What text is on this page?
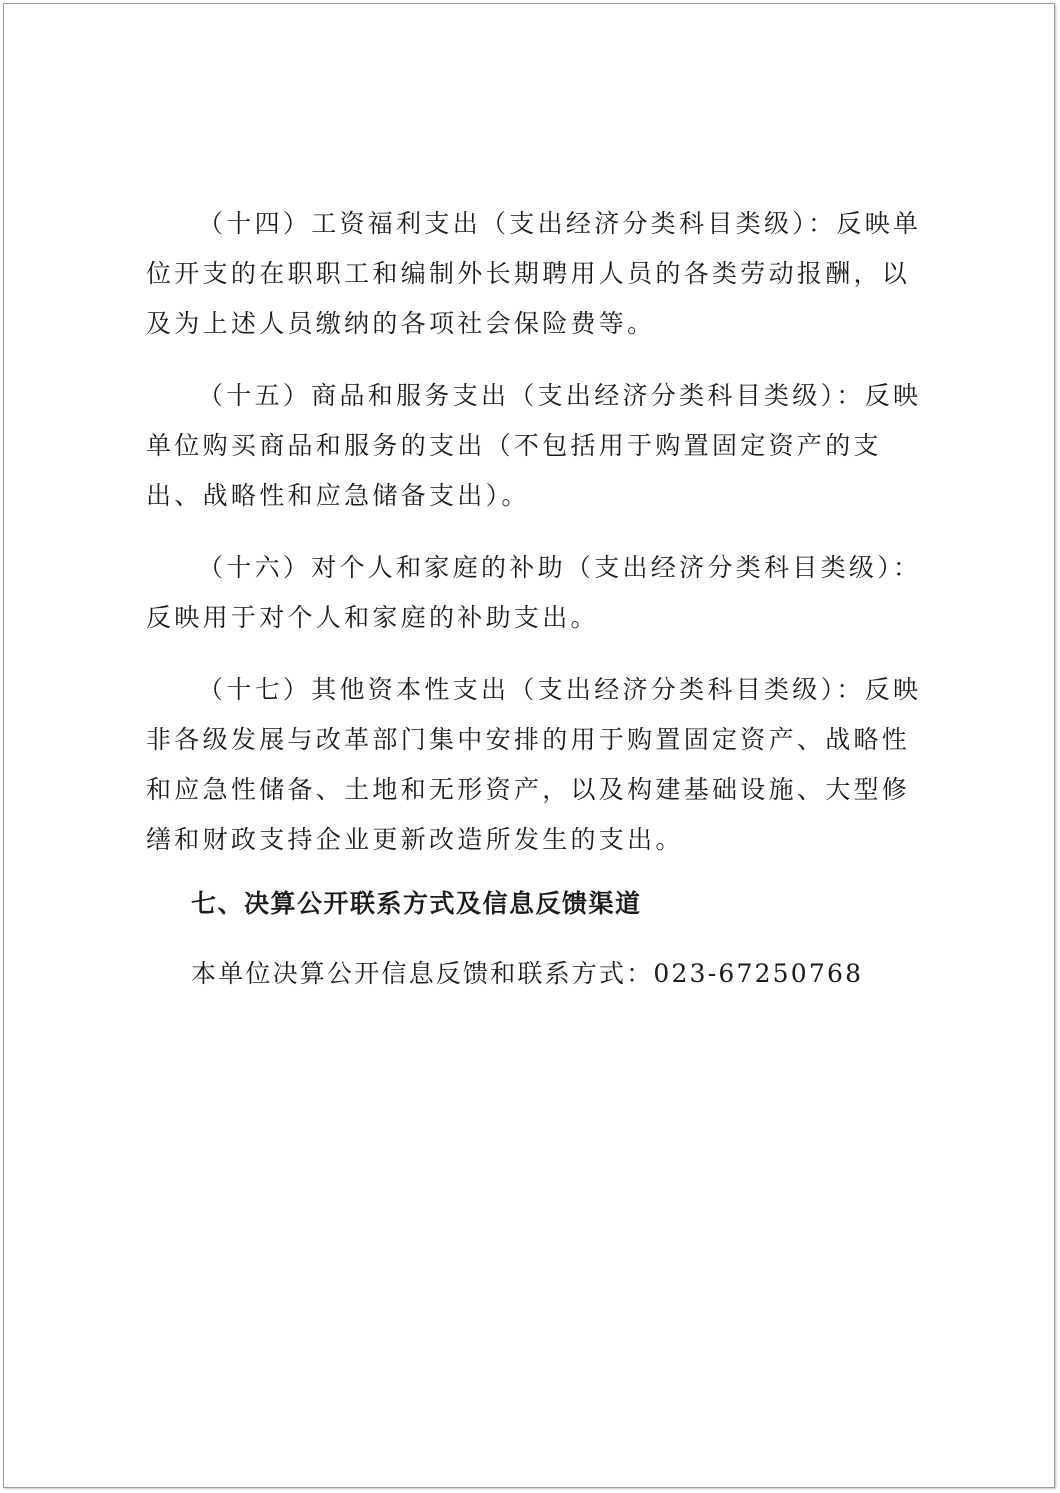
（十四）工资福利支出（支出经济分类科目类级）：反映单位开支的在职职工和编制外长期聘用人员的各类劳动报酬，以及为上述人员缴纳的各项社会保险费等。

（十五）商品和服务支出（支出经济分类科目类级）：反映单位购买商品和服务的支出（不包括用于购置固定资产的支出、战略性和应急储备支出）。

（十六）对个人和家庭的补助（支出经济分类科目类级）：反映用于对个人和家庭的补助支出。

（十七）其他资本性支出（支出经济分类科目类级）：反映非各级发展与改革部门集中安排的用于购置固定资产、战略性和应急性储备、土地和无形资产，以及构建基础设施、大型修缮和财政支持企业更新改造所发生的支出。

七、决算公开联系方式及信息反馈渠道

本单位决算公开信息反馈和联系方式：023-67250768
